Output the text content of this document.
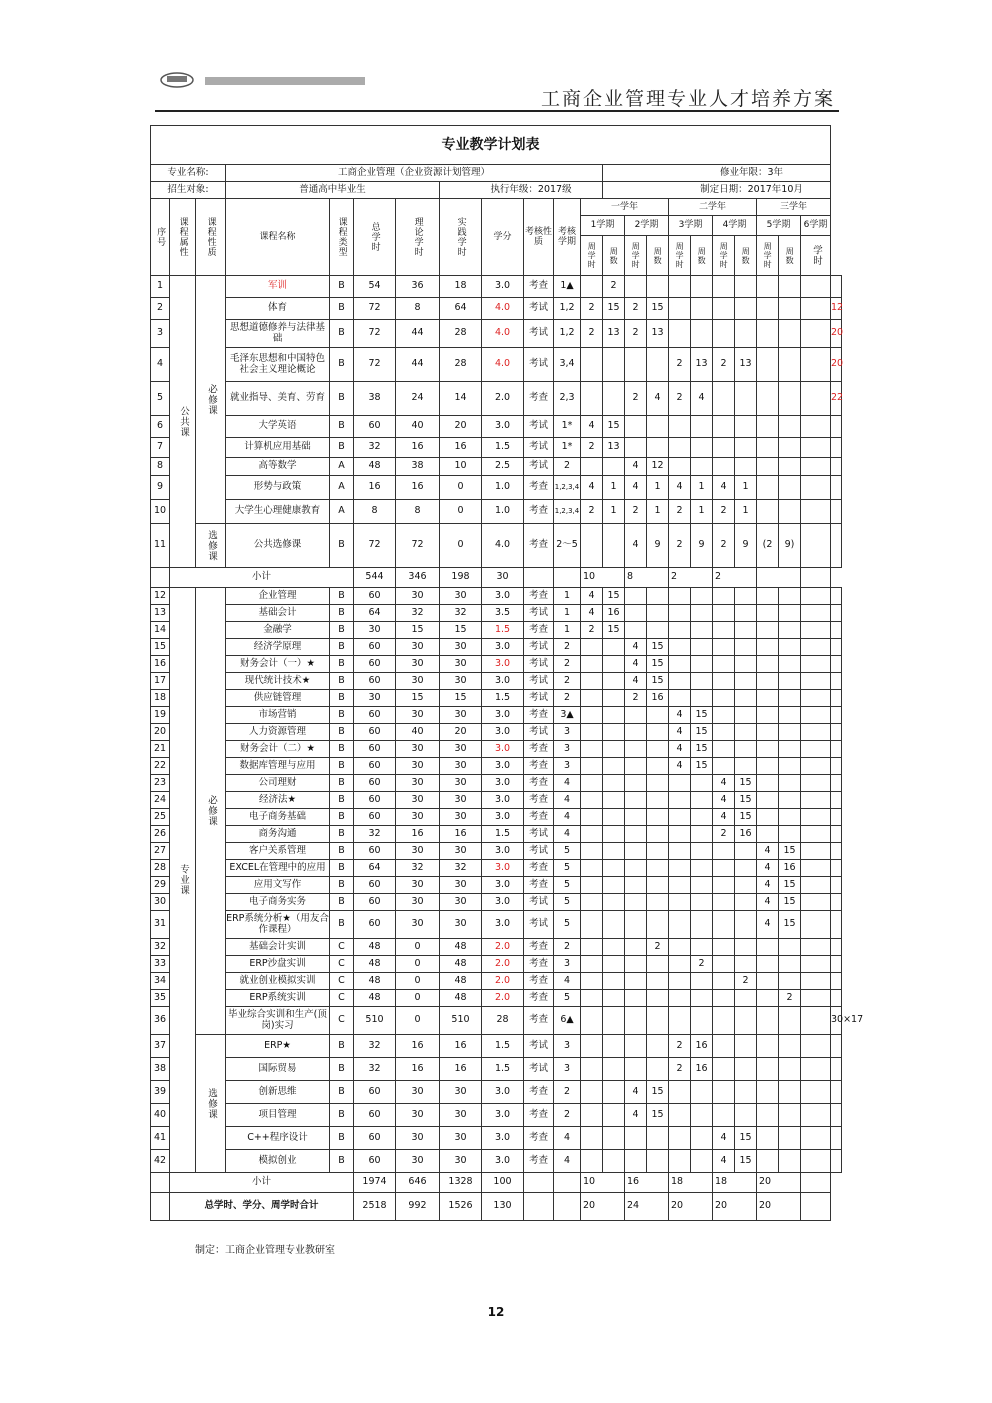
工商企业管理专业人才培养方案
专业教学计划表																						
专业名称:			工商企业管理（企业资源计划管理）									修业年限：3年										
招生对象:			普通高中毕业生				执行年级：2017级					制定日期：2017年10月										
序号	课程属性	课程性质	课程名称	课程类型	总学时	理论学时	实践学时	学分	考核性质	考核学期	一学年				二学年				三学年			
											1学期		2学期		3学期		4学期		5学期		6学期	
											周学时	周数	周学时	周数	周学时	周数	周学时	周数	周学时	周数	学时	
1	公共课	必修课	军训	B	54	36	18	3.0	考查	1▲		2										
2			体育	B	72	8	64	4.0	考试	1,2	2	15	2	15								12
3			思想道德修养与法律基础	B	72	44	28	4.0	考试	1,2	2	13	2	13								20
4			毛泽东思想和中国特色社会主义理论概论	B	72	44	28	4.0	考试	3,4					2	13	2	13				20
5			就业指导、美育、劳育	B	38	24	14	2.0	考查	2,3			2	4	2	4						22
6			大学英语	B	60	40	20	3.0	考试	1*	4	15										
7			计算机应用基础	B	32	16	16	1.5	考试	1*	2	13										
8			高等数学	A	48	38	10	2.5	考试	2			4	12								
9			形势与政策	A	16	16	0	1.0	考查	1,2,3,4	4	1	4	1	4	1	4	1				
10			大学生心理健康教育	A	8	8	0	1.0	考查	1,2,3,4	2	1	2	1	2	1	2	1				
11		选修课	公共选修课	B	72	72	0	4.0	考查	2～5			4	9	2	9	2	9	(2	9)		
	小计				544	346	198	30			10		8		2		2					
12	专业课	必修课	企业管理	B	60	30	30	3.0	考查	1	4	15										
13			基础会计	B	64	32	32	3.5	考试	1	4	16										
14			金融学	B	30	15	15	1.5	考查	1	2	15										
15			经济学原理	B	60	30	30	3.0	考试	2			4	15								
16			财务会计（一）★	B	60	30	30	3.0	考试	2			4	15								
17			现代统计技术★	B	60	30	30	3.0	考试	2			4	15								
18			供应链管理	B	30	15	15	1.5	考试	2			2	16								
19			市场营销	B	60	30	30	3.0	考查	3▲					4	15						
20			人力资源管理	B	60	40	20	3.0	考试	3					4	15						
21			财务会计（二）★	B	60	30	30	3.0	考查	3					4	15						
22			数据库管理与应用	B	60	30	30	3.0	考查	3					4	15						
23			公司理财	B	60	30	30	3.0	考查	4							4	15				
24			经济法★	B	60	30	30	3.0	考查	4							4	15				
25			电子商务基础	B	60	30	30	3.0	考查	4							4	15				
26			商务沟通	B	32	16	16	1.5	考试	4							2	16				
27			客户关系管理	B	60	30	30	3.0	考试	5									4	15		
28			EXCEL在管理中的应用	B	64	32	32	3.0	考查	5									4	16		
29			应用文写作	B	60	30	30	3.0	考查	5									4	15		
30			电子商务实务	B	60	30	30	3.0	考试	5									4	15		
31			ERP系统分析★（用友合作课程）	B	60	30	30	3.0	考试	5									4	15		
32			基础会计实训	C	48	0	48	2.0	考查	2				2								
33			ERP沙盘实训	C	48	0	48	2.0	考查	3						2						
34			就业创业模拟实训	C	48	0	48	2.0	考查	4								2				
35			ERP系统实训	C	48	0	48	2.0	考查	5										2		
36			毕业综合实训和生产(顶岗)实习	C	510	0	510	28	考查	6▲												30×17
37		选修课	ERP★	B	32	16	16	1.5	考试	3					2	16						
38			国际贸易	B	32	16	16	1.5	考试	3					2	16						
39			创新思维	B	60	30	30	3.0	考查	2			4	15								
40			项目管理	B	60	30	30	3.0	考查	2			4	15								
41			C++程序设计	B	60	30	30	3.0	考查	4							4	15				
42			模拟创业	B	60	30	30	3.0	考查	4							4	15				
	小计				1974	646	1328	100			10		16		18		18		20			
	总学时、学分、周学时合计				2518	992	1526	130			20		24		20		20		20			
制定：工商企业管理专业教研室
12
